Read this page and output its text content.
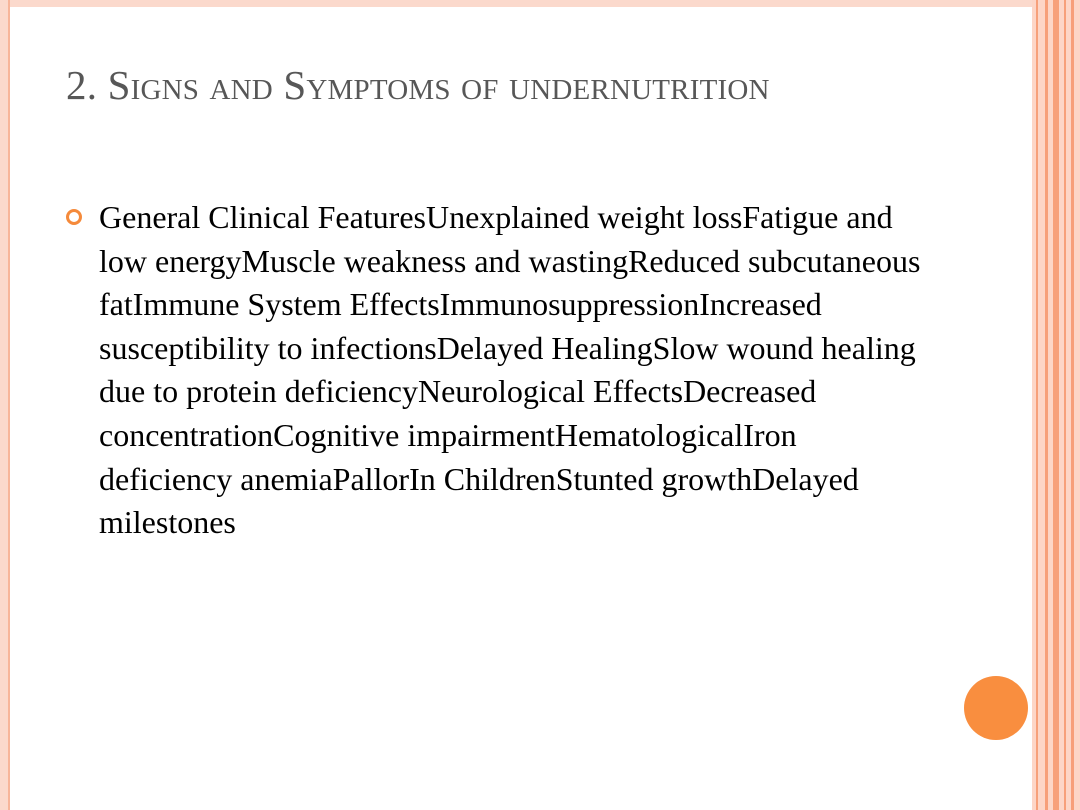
2. Signs and Symptoms of undernutrition
General Clinical FeaturesUnexplained weight lossFatigue and low energyMuscle weakness and wastingReduced subcutaneous fatImmune System EffectsImmunosuppressionIncreased susceptibility to infectionsDelayed HealingSlow wound healing due to protein deficiencyNeurological EffectsDecreased concentrationCognitive impairmentHematologicalIron deficiency anemiaPallorIn ChildrenStunted growthDelayed milestones
